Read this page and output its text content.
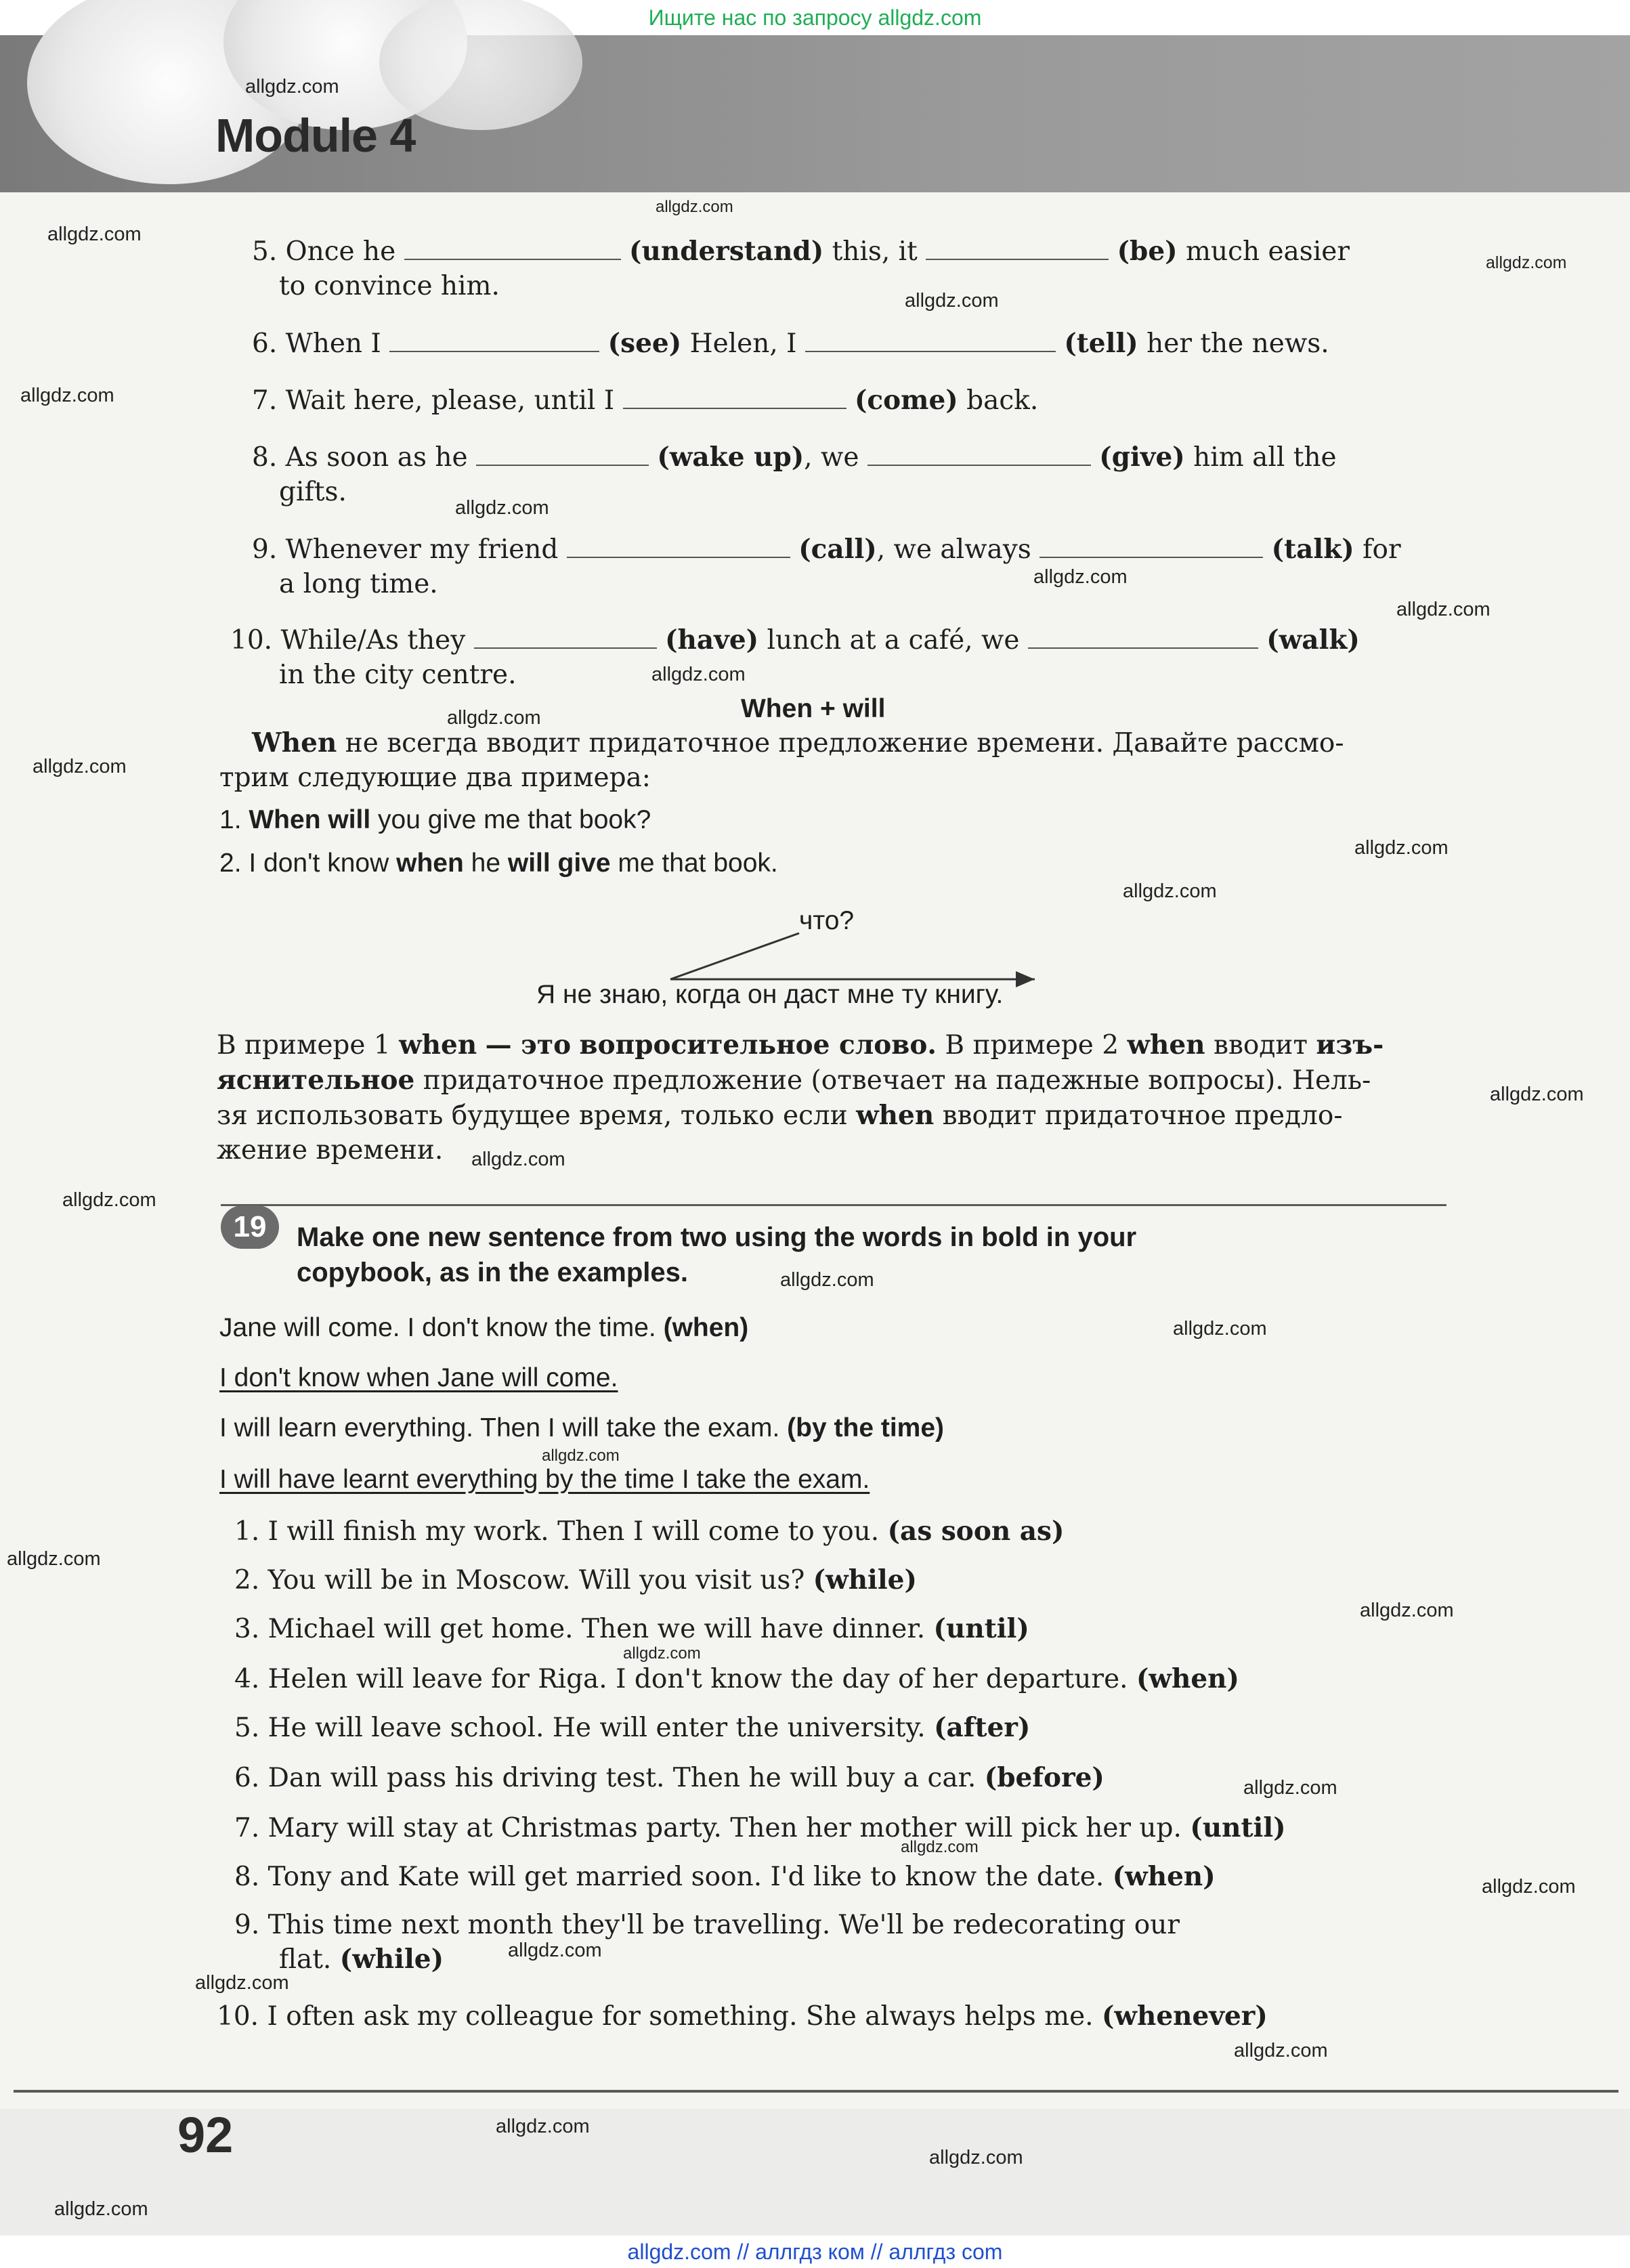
Ищите нас по запросу allgdz.com
allgdz.com
Module 4
5. Once he	(understand) this, it	(be) much easier
to convince him.
6. When I	(see) Helen, I	(tell) her the news.
7. Wait here, please, until I	(come) back.
8. As soon as he	(wake up), we	(give) him all the
gifts.
9. Whenever my friend	(call), we always	(talk) for
a long time.
10. While/As they	(have) lunch at a café, we	(walk)
in the city centre.
When + will
When не всегда вводит придаточное предложение времени. Давайте рассмо-
трим следующие два примера:
1. When will you give me that book?
2. I don't know when he will give me that book.
что?
Я не знаю, когда он даст мне ту книгу.
В примере 1 when — это вопросительное слово. В примере 2 when вводит изъ-
яснительное придаточное предложение (отвечает на падежные вопросы). Нель-
зя использовать будущее время, только если when вводит придаточное предло-
жение времени.
19	Make one new sentence from two using the words in bold in your
copybook, as in the examples.
Jane will come. I don't know the time. (when)
I don't know when Jane will come.
I will learn everything. Then I will take the exam. (by the time)
I will have learnt everything by the time I take the exam.
1. I will finish my work. Then I will come to you. (as soon as)
2. You will be in Moscow. Will you visit us? (while)
3. Michael will get home. Then we will have dinner. (until)
4. Helen will leave for Riga. I don't know the day of her departure. (when)
5. He will leave school. He will enter the university. (after)
6. Dan will pass his driving test. Then he will buy a car. (before)
7. Mary will stay at Christmas party. Then her mother will pick her up. (until)
8. Tony and Kate will get married soon. I'd like to know the date. (when)
9. This time next month they'll be travelling. We'll be redecorating our
flat. (while)
10. I often ask my colleague for something. She always helps me. (whenever)
92
allgdz.com
allgdz.com
allgdz.com
allgdz.com
allgdz.com
allgdz.com
allgdz.com
allgdz.com
allgdz.com
allgdz.com
allgdz.com
allgdz.com
allgdz.com
allgdz.com
allgdz.com
allgdz.com
allgdz.com
allgdz.com
allgdz.com
allgdz.com
allgdz.com
allgdz.com
allgdz.com
allgdz.com
allgdz.com
allgdz.com
allgdz.com
allgdz.com
allgdz.com
allgdz.com
allgdz.com
allgdz.com // аллгдз ком // аллгдз com
